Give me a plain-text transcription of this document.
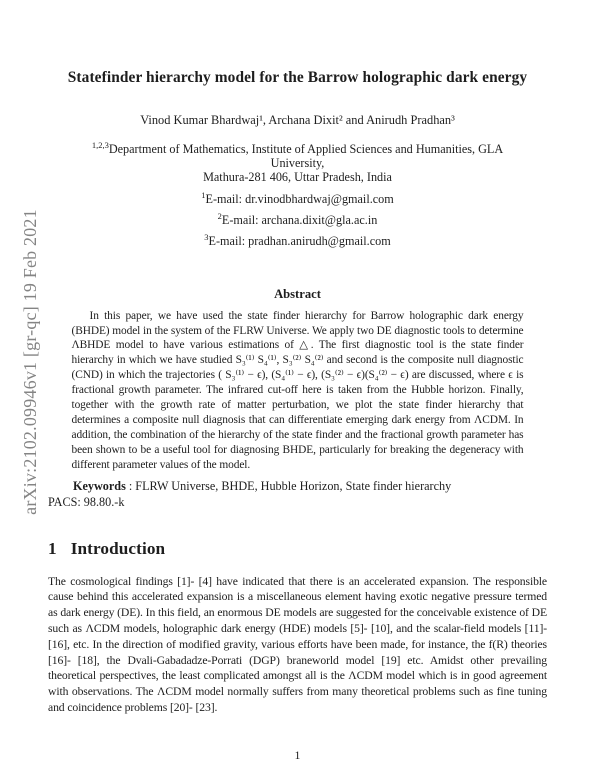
arXiv:2102.09946v1 [gr-qc] 19 Feb 2021
Statefinder hierarchy model for the Barrow holographic dark energy
Vinod Kumar Bhardwaj¹, Archana Dixit² and Anirudh Pradhan³
$^{1,2,3}$Department of Mathematics, Institute of Applied Sciences and Humanities, GLA
University,
Mathura-281 406, Uttar Pradesh, India
$^1$E-mail: dr.vinodbhardwaj@gmail.com
$^2$E-mail: archana.dixit@gla.ac.in
$^3$E-mail: pradhan.anirudh@gmail.com
Abstract

In this paper, we have used the state finder hierarchy for Barrow holographic dark energy (BHDE) model in the system of the FLRW Universe. We apply two DE diagnostic tools to determine ΛBHDE model to have various estimations of △. The first diagnostic tool is the state finder hierarchy in which we have studied S₃⁽¹⁾ S₄⁽¹⁾, S₃⁽²⁾ S₄⁽²⁾ and second is the composite null diagnostic (CND) in which the trajectories ( S₃⁽¹⁾ − ϵ), (S₄⁽¹⁾ − ϵ), (S₃⁽²⁾ − ϵ)(S₄⁽²⁾ − ϵ) are discussed, where ϵ is fractional growth parameter. The infrared cut-off here is taken from the Hubble horizon. Finally, together with the growth rate of matter perturbation, we plot the state finder hierarchy that determines a composite null diagnosis that can differentiate emerging dark energy from ΛCDM. In addition, the combination of the hierarchy of the state finder and the fractional growth parameter has been shown to be a useful tool for diagnosing BHDE, particularly for breaking the degeneracy with different parameter values of the model.

Keywords : FLRW Universe, BHDE, Hubble Horizon, State finder hierarchy

PACS: 98.80.-k

1 Introduction

The cosmological findings [1]- [4] have indicated that there is an accelerated expansion. The responsible cause behind this accelerated expansion is a miscellaneous element having exotic negative pressure termed as dark energy (DE). In this field, an enormous DE models are suggested for the conceivable existence of DE such as ΛCDM models, holographic dark energy (HDE) models [5]- [10], and the scalar-field models [11]- [16], etc. In the direction of modified gravity, various efforts have been made, for instance, the f(R) theories [16]- [18], the Dvali-Gabadadze-Porrati (DGP) braneworld model [19] etc. Amidst other prevailing theoretical perspectives, the least complicated amongst all is the ΛCDM model which is in good agreement with observations. The ΛCDM model normally suffers from many theoretical problems such as fine tuning and coincidence problems [20]- [23].

1
